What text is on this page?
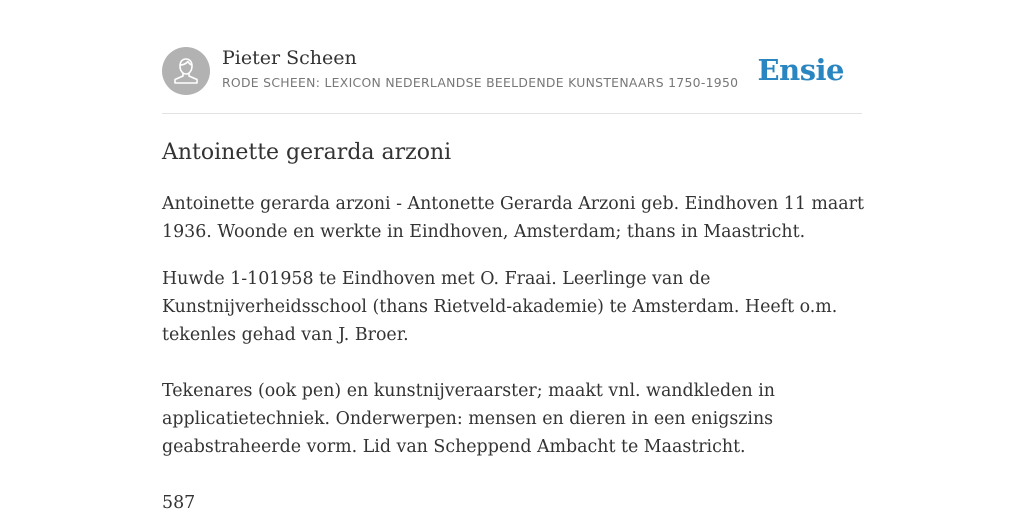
Pieter Scheen
RODE SCHEEN: LEXICON NEDERLANDSE BEELDENDE KUNSTENAARS 1750-1950 Ensie
Antoinette gerarda arzoni
Antoinette gerarda arzoni - Antonette Gerarda Arzoni geb. Eindhoven 11 maart
1936. Woonde en werkte in Eindhoven, Amsterdam; thans in Maastricht.
Huwde 1-101958 te Eindhoven met O. Fraai. Leerlinge van de
Kunstnijverheidsschool (thans Rietveld-akademie) te Amsterdam. Heeft o.m.
tekenles gehad van J. Broer.
Tekenares (ook pen) en kunstnijveraarster; maakt vnl. wandkleden in
applicatietechniek. Onderwerpen: mensen en dieren in een enigszins
geabstraheerde vorm. Lid van Scheppend Ambacht te Maastricht.
587
